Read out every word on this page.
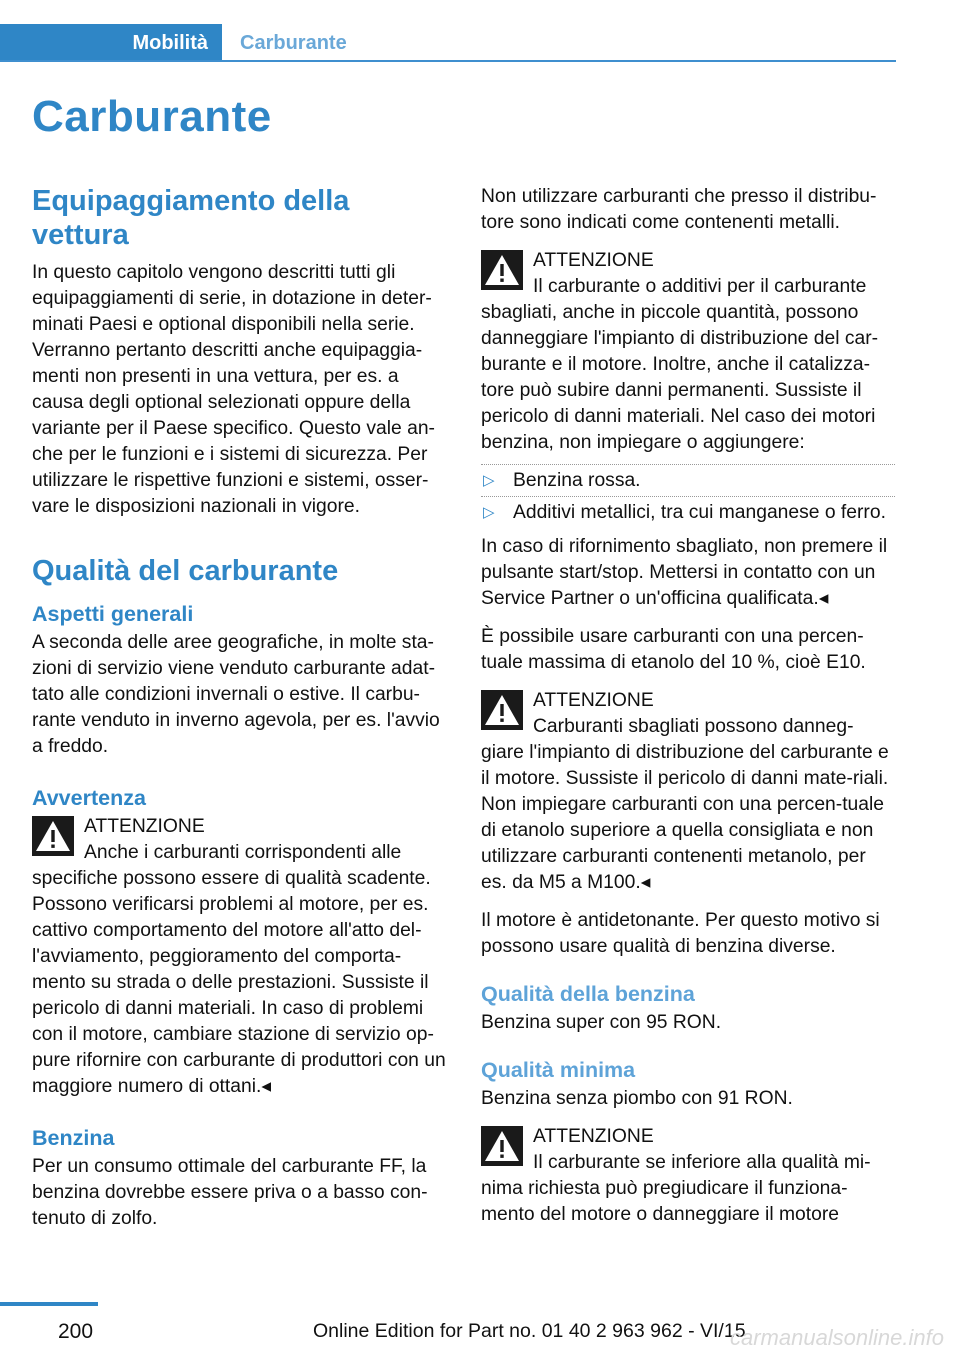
Mobilità	Carburante
Carburante
Equipaggiamento della vettura

In questo capitolo vengono descritti tutti gli equipaggiamenti di serie, in dotazione in deter-minati Paesi e optional disponibili nella serie. Verranno pertanto descritti anche equipaggia-menti non presenti in una vettura, per es. a causa degli optional selezionati oppure della variante per il Paese specifico. Questo vale an-che per le funzioni e i sistemi di sicurezza. Per utilizzare le rispettive funzioni e sistemi, osser-vare le disposizioni nazionali in vigore.

Qualità del carburante
Aspetti generali

A seconda delle aree geografiche, in molte sta-zioni di servizio viene venduto carburante adat-tato alle condizioni invernali o estive. Il carbu-rante venduto in inverno agevola, per es. l'avvio a freddo.

Avvertenza
ATTENZIONE
Anche i carburanti corrispondenti alle
specifiche possono essere di qualità scadente. Possono verificarsi problemi al motore, per es. cattivo comportamento del motore all'atto del-l'avviamento, peggioramento del comporta-mento su strada o delle prestazioni. Sussiste il pericolo di danni materiali. In caso di problemi con il motore, cambiare stazione di servizio op-pure rifornire con carburante di produttori con un maggiore numero di ottani.◂
Benzina

Per un consumo ottimale del carburante FF, la benzina dovrebbe essere priva o a basso con-tenuto di zolfo.

Non utilizzare carburanti che presso il distribu-tore sono indicati come contenenti metalli.

ATTENZIONE
Il carburante o additivi per il carburante
sbagliati, anche in piccole quantità, possono danneggiare l'impianto di distribuzione del car-burante e il motore. Inoltre, anche il catalizza-tore può subire danni permanenti. Sussiste il pericolo di danni materiali. Nel caso dei motori benzina, non impiegare o aggiungere:
▷ Benzina rossa.
▷ Additivi metallici, tra cui manganese o ferro.

In caso di rifornimento sbagliato, non premere il pulsante start/stop. Mettersi in contatto con un Service Partner o un'officina qualificata.◂

È possibile usare carburanti con una percen-tuale massima di etanolo del 10 %, cioè E10.

ATTENZIONE
Carburanti sbagliati possono danneg-
giare l'impianto di distribuzione del carburante e il motore. Sussiste il pericolo di danni mate-riali. Non impiegare carburanti con una percen-tuale di etanolo superiore a quella consigliata e non utilizzare carburanti contenenti metanolo, per es. da M5 a M100.◂

Il motore è antidetonante. Per questo motivo si possono usare qualità di benzina diverse.

Qualità della benzina

Benzina super con 95 RON.

Qualità minima

Benzina senza piombo con 91 RON.

ATTENZIONE
Il carburante se inferiore alla qualità mi-
nima richiesta può pregiudicare il funziona-mento del motore o danneggiare il motore
200	Online Edition for Part no. 01 40 2 963 962 - VI/15
carmanualsonline.info
